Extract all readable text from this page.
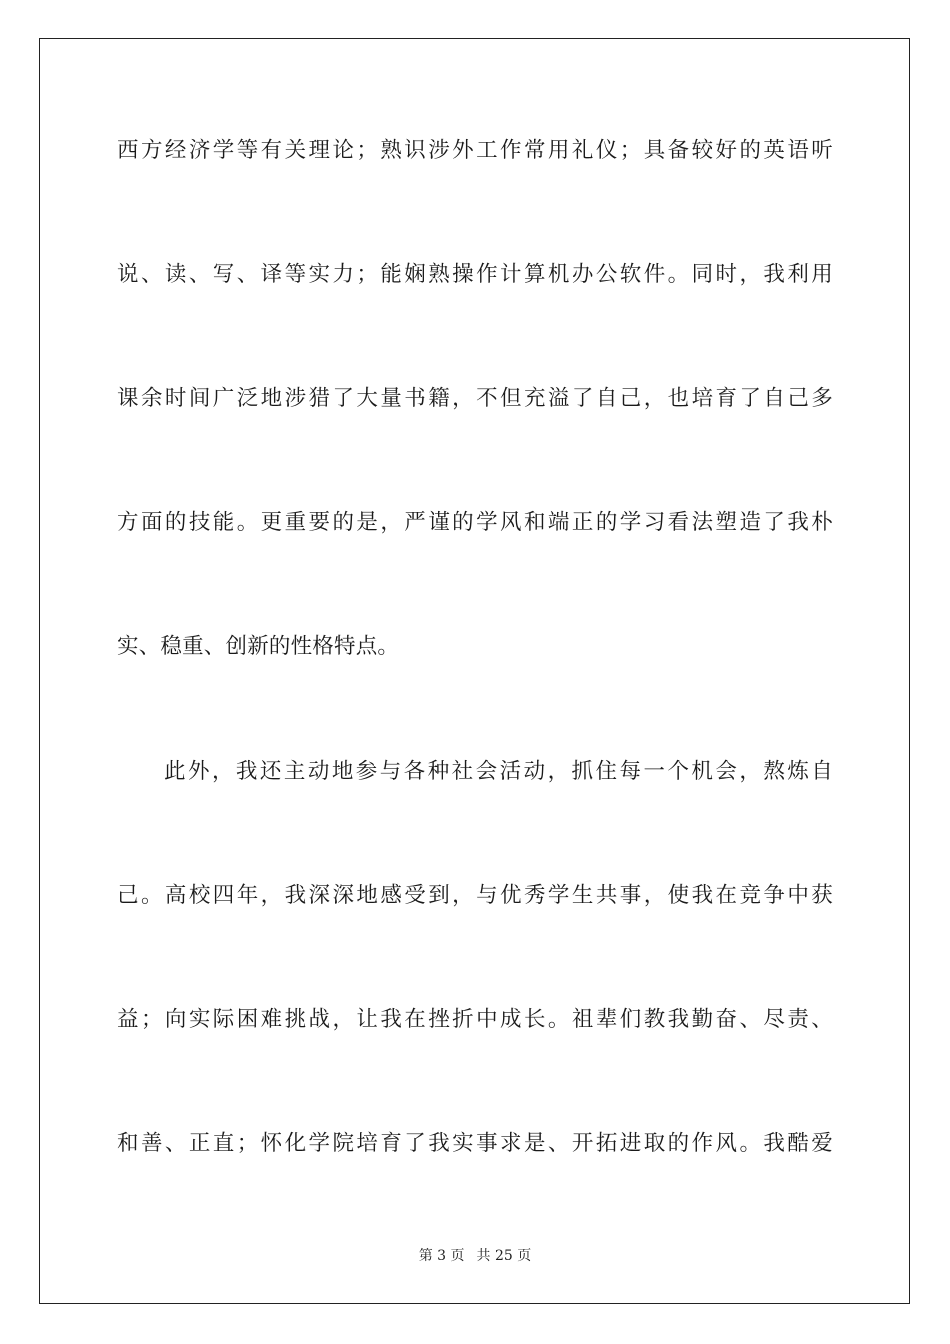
西方经济学等有关理论；熟识涉外工作常用礼仪；具备较好的英语听
说、读、写、译等实力；能娴熟操作计算机办公软件。同时，我利用
课余时间广泛地涉猎了大量书籍，不但充溢了自己，也培育了自己多
方面的技能。更重要的是，严谨的学风和端正的学习看法塑造了我朴
实、稳重、创新的性格特点。
此外，我还主动地参与各种社会活动，抓住每一个机会，熬炼自
己。高校四年，我深深地感受到，与优秀学生共事，使我在竞争中获
益；向实际困难挑战，让我在挫折中成长。祖辈们教我勤奋、尽责、
和善、正直；怀化学院培育了我实事求是、开拓进取的作风。我酷爱
第 3 页 共 25 页
